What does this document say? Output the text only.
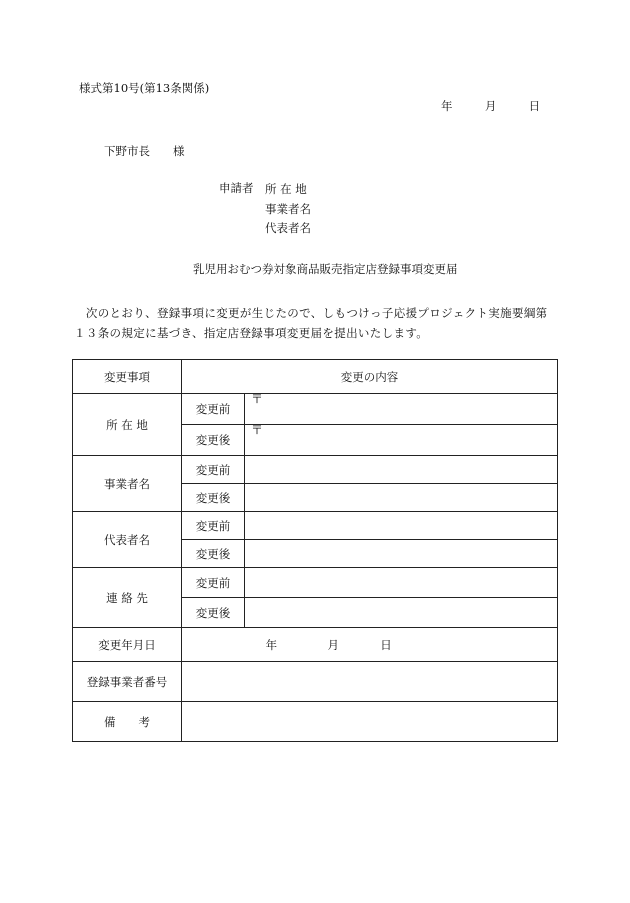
様式第10号(第13条関係)
年	月	日
下野市長　　様
申請者 所 在 地
事業者名
代表者名
乳児用おむつ券対象商品販売指定店登録事項変更届
　次のとおり、登録事項に変更が生じたので、しもつけっ子応援プロジェクト実施要綱第
１３条の規定に基づき、指定店登録事項変更届を提出いたします。
変更事項	変更の内容	
所 在 地	変更前	〒
	変更後	〒
事業者名	変更前	
	変更後	
代表者名	変更前	
	変更後	
連 絡 先	変更前	
	変更後	
変更年月日	年 月 日	
登録事業者番号		
備　　考		
